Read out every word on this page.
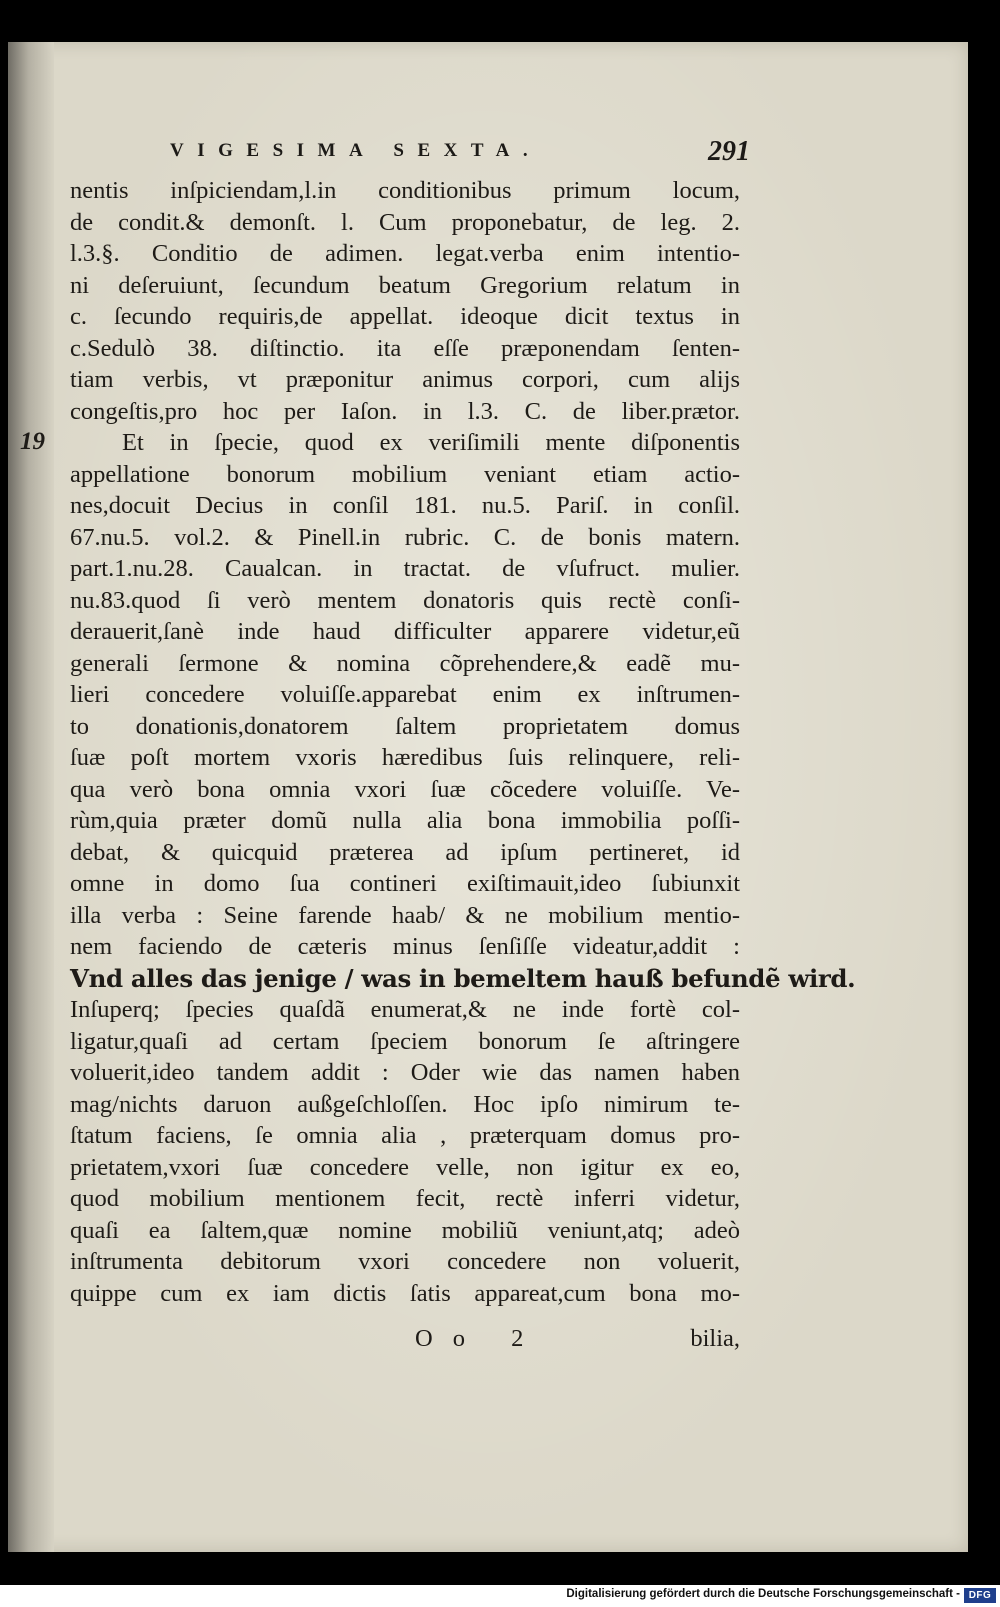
VIGESIMA SEXTA.	291
19
nentis inſpiciendam,l.in conditionibus primum locum,
de condit.& demonſt. l. Cum proponebatur, de leg. 2.
l.3.§. Conditio de adimen. legat.verba enim intentio-
ni deſeruiunt, ſecundum beatum Gregorium relatum in
c. ſecundo requiris,de appellat. ideoque dicit textus in
c.Sedulò 38. diſtinctio. ita eſſe præponendam ſenten-
tiam verbis, vt præponitur animus corpori, cum alijs
congeſtis,pro hoc per Iaſon. in l.3. C. de liber.prætor.
Et in ſpecie, quod ex veriſimili mente diſponentis
appellatione bonorum mobilium veniant etiam actio-
nes,docuit Decius in conſil 181. nu.5. Pariſ. in conſil.
67.nu.5. vol.2. & Pinell.in rubric. C. de bonis matern.
part.1.nu.28. Caualcan. in tractat. de vſufruct. mulier.
nu.83.quod ſi verò mentem donatoris quis rectè conſi-
derauerit,ſanè inde haud difficulter apparere videtur,eũ
generali ſermone & nomina cõprehendere,& eadẽ mu-
lieri concedere voluiſſe.apparebat enim ex inſtrumen-
to donationis,donatorem ſaltem proprietatem domus
ſuæ poſt mortem vxoris hæredibus ſuis relinquere, reli-
qua verò bona omnia vxori ſuæ cõcedere voluiſſe. Ve-
rùm,quia præter domũ nulla alia bona immobilia poſſi-
debat, & quicquid præterea ad ipſum pertineret, id
omne in domo ſua contineri exiſtimauit,ideo ſubiunxit
illa verba : Seine farende haab/ & ne mobilium mentio-
nem faciendo de cæteris minus ſenſiſſe videatur,addit :
Vnd alles das jenige / was in bemeltem hauß befundẽ wird.
Inſuperq; ſpecies quaſdã enumerat,& ne inde fortè col-
ligatur,quaſi ad certam ſpeciem bonorum ſe aſtringere
voluerit,ideo tandem addit : Oder wie das namen haben
mag/nichts daruon außgeſchloſſen. Hoc ipſo nimirum te-
ſtatum faciens, ſe omnia alia , præterquam domus pro-
prietatem,vxori ſuæ concedere velle, non igitur ex eo,
quod mobilium mentionem fecit, rectè inferri videtur,
quaſi ea ſaltem,quæ nomine mobiliũ veniunt,atq; adeò
inſtrumenta debitorum vxori concedere non voluerit,
quippe cum ex iam dictis ſatis appareat,cum bona mo-
Oo 2	bilia,
Digitalisierung gefördert durch die Deutsche Forschungsgemeinschaft - DFG
